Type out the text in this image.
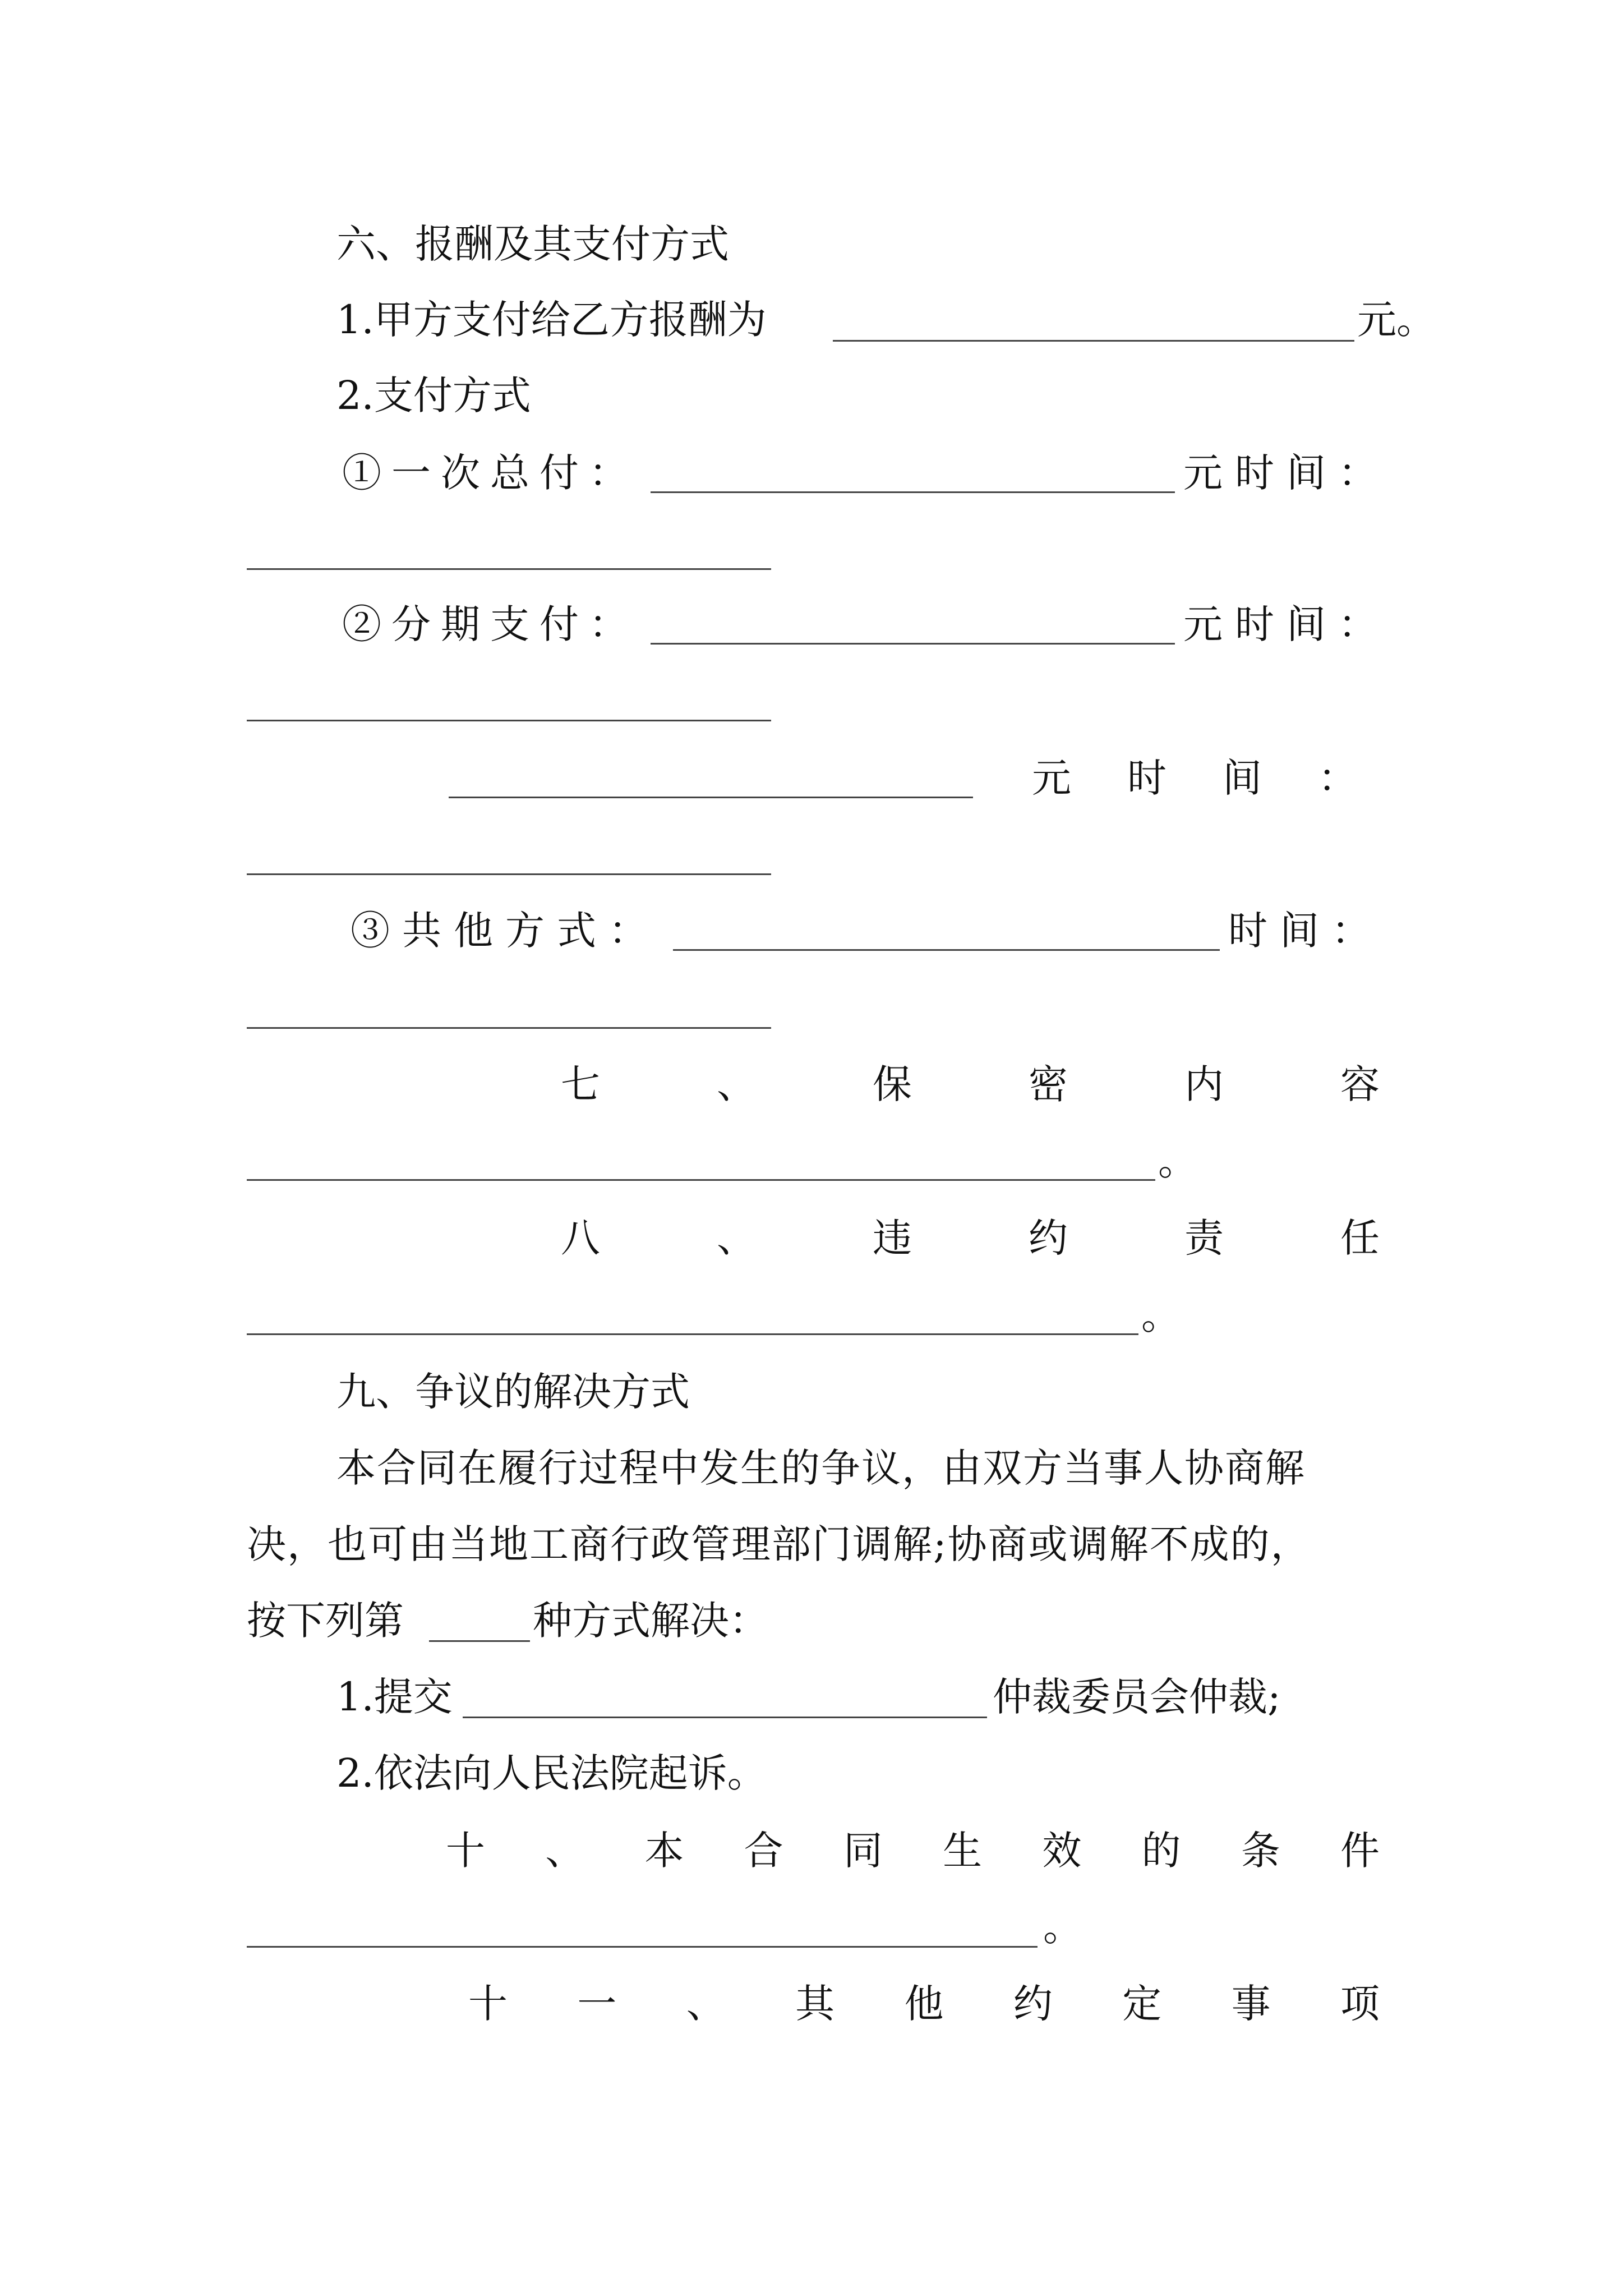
六、报酬及其支付方式
1.甲方支付给乙方报酬为	元。
2.支付方式
①一次总付：	元时间：
②分期支付：	元时间：
元 时 间 ：
③共他方式：	时间：
七	、	保	密	内	容
。
八	、	违	约	责	任
。
九、争议的解决方式
本合同在履行过程中发生的争议，由双方当事人协商解
决，也可由当地工商行政管理部门调解;协商或调解不成的，
按下列第	种方式解决：
1.提交	仲裁委员会仲裁;
2.依法向人民法院起诉。
十 、 本 合 同 生 效 的 条 件
。
十 一 、 其 他 约 定 事 项
